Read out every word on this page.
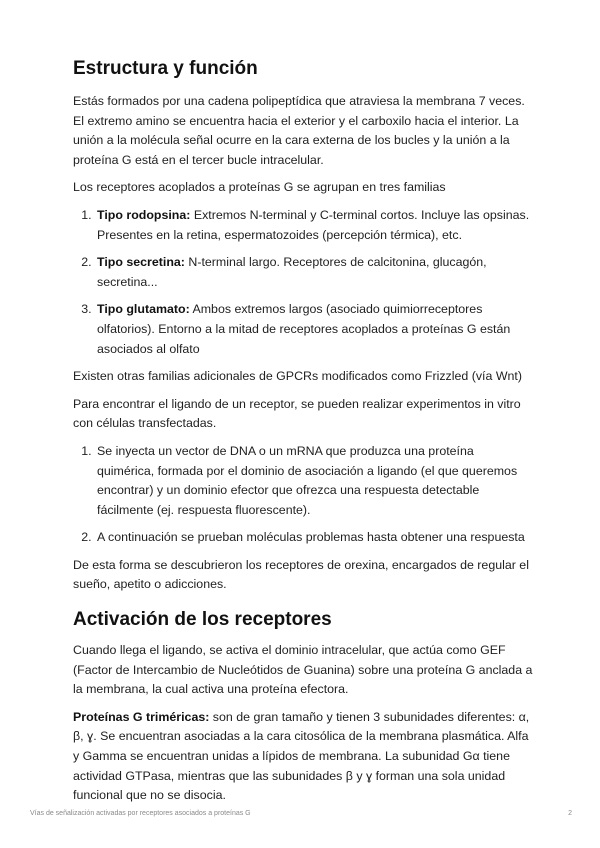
Estructura y función

Estás formados por una cadena polipeptídica que atraviesa la membrana 7 veces. El extremo amino se encuentra hacia el exterior y el carboxilo hacia el interior. La unión a la molécula señal ocurre en la cara externa de los bucles y la unión a la proteína G está en el tercer bucle intracelular.

Los receptores acoplados a proteínas G se agrupan en tres familias

1. Tipo rodopsina: Extremos N-terminal y C-terminal cortos. Incluye las opsinas. Presentes en la retina, espermatozoides (percepción térmica), etc.
2. Tipo secretina: N-terminal largo. Receptores de calcitonina, glucagón, secretina...
3. Tipo glutamato: Ambos extremos largos (asociado quimiorreceptores olfatorios). Entorno a la mitad de receptores acoplados a proteínas G están asociados al olfato

Existen otras familias adicionales de GPCRs modificados como Frizzled (vía Wnt)

Para encontrar el ligando de un receptor, se pueden realizar experimentos in vitro con células transfectadas.

1. Se inyecta un vector de DNA o un mRNA que produzca una proteína quimérica, formada por el dominio de asociación a ligando (el que queremos encontrar) y un dominio efector que ofrezca una respuesta detectable fácilmente (ej. respuesta fluorescente).
2. A continuación se prueban moléculas problemas hasta obtener una respuesta

De esta forma se descubrieron los receptores de orexina, encargados de regular el sueño, apetito o adicciones.

Activación de los receptores

Cuando llega el ligando, se activa el dominio intracelular, que actúa como GEF (Factor de Intercambio de Nucleótidos de Guanina) sobre una proteína G anclada a la membrana, la cual activa una proteína efectora.

Proteínas G triméricas: son de gran tamaño y tienen 3 subunidades diferentes: α, β, ɣ. Se encuentran asociadas a la cara citosólica de la membrana plasmática. Alfa y Gamma se encuentran unidas a lípidos de membrana. La subunidad Gα tiene actividad GTPasa, mientras que las subunidades β y ɣ forman una sola unidad funcional que no se disocia.

Vías de señalización activadas por receptores asociados a proteínas G	2
